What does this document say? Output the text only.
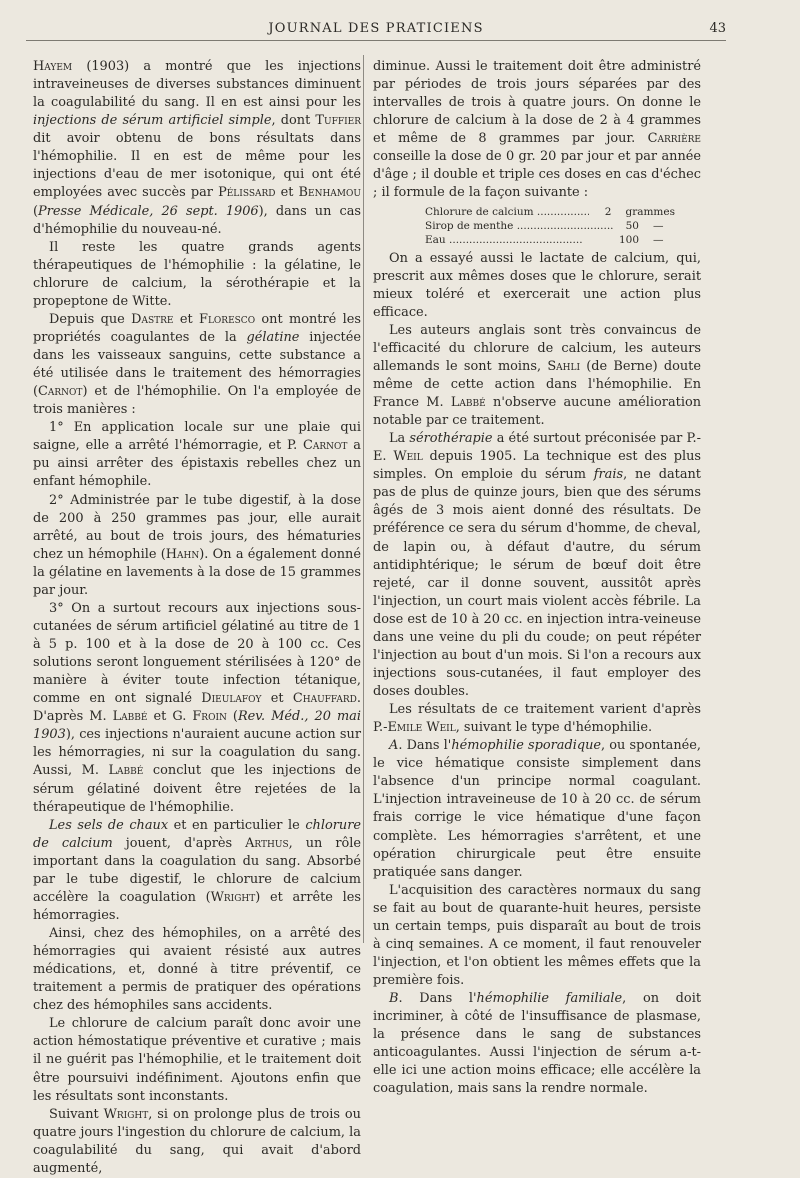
JOURNAL DES PRATICIENS	43

Hayem (1903) a montré que les injections intraveineuses de diverses substances diminuent la coagulabilité du sang. Il en est ainsi pour les injections de sérum artificiel simple, dont Tuffier dit avoir obtenu de bons résultats dans l'hémophilie. Il en est de même pour les injections d'eau de mer isotonique, qui ont été employées avec succès par Pélissard et Benhamou (Presse Médicale, 26 sept. 1906), dans un cas d'hémophilie du nouveau-né.

Il reste les quatre grands agents thérapeutiques de l'hémophilie : la gélatine, le chlorure de calcium, la sérothérapie et la propeptone de Witte.

Depuis que Dastre et Floresco ont montré les propriétés coagulantes de la gélatine injectée dans les vaisseaux sanguins, cette substance a été utilisée dans le traitement des hémorragies (Carnot) et de l'hémophilie. On l'a employée de trois manières :

1° En application locale sur une plaie qui saigne, elle a arrêté l'hémorragie, et P. Carnot a pu ainsi arrêter des épistaxis rebelles chez un enfant hémophile.

2° Administrée par le tube digestif, à la dose de 200 à 250 grammes pas jour, elle aurait arrêté, au bout de trois jours, des hématuries chez un hémophile (Hahn). On a également donné la gélatine en lavements à la dose de 15 grammes par jour.

3° On a surtout recours aux injections sous-cutanées de sérum artificiel gélatiné au titre de 1 à 5 p. 100 et à la dose de 20 à 100 cc. Ces solutions seront longuement stérilisées à 120° de manière à éviter toute infection tétanique, comme en ont signalé Dieulafoy et Chauffard. D'après M. Labbé et G. Froin (Rev. Méd., 20 mai 1903), ces injections n'auraient aucune action sur les hémorragies, ni sur la coagulation du sang. Aussi, M. Labbé conclut que les injections de sérum gélatiné doivent être rejetées de la thérapeutique de l'hémophilie.

Les sels de chaux et en particulier le chlorure de calcium jouent, d'après Arthus, un rôle important dans la coagulation du sang. Absorbé par le tube digestif, le chlorure de calcium accélère la coagulation (Wright) et arrête les hémorragies.

Ainsi, chez des hémophiles, on a arrêté des hémorragies qui avaient résisté aux autres médications, et, donné à titre préventif, ce traitement a permis de pratiquer des opérations chez des hémophiles sans accidents.

Le chlorure de calcium paraît donc avoir une action hémostatique préventive et curative ; mais il ne guérit pas l'hémophilie, et le traitement doit être poursuivi indéfiniment. Ajoutons enfin que les résultats sont inconstants.

Suivant Wright, si on prolonge plus de trois ou quatre jours l'ingestion du chlorure de calcium, la coagulabilité du sang, qui avait d'abord augmenté,

diminue. Aussi le traitement doit être administré par périodes de trois jours séparées par des intervalles de trois à quatre jours. On donne le chlorure de calcium à la dose de 2 à 4 grammes et même de 8 grammes par jour. Carrière conseille la dose de 0 gr. 20 par jour et par année d'âge ; il double et triple ces doses en cas d'échec ; il formule de la façon suivante :

Chlorure de calcium .....	2	grammes
Sirop de menthe .....	50	—
Eau .....	100	—

On a essayé aussi le lactate de calcium, qui, prescrit aux mêmes doses que le chlorure, serait mieux toléré et exercerait une action plus efficace.

Les auteurs anglais sont très convaincus de l'efficacité du chlorure de calcium, les auteurs allemands le sont moins, Sahli (de Berne) doute même de cette action dans l'hémophilie. En France M. Labbé n'observe aucune amélioration notable par ce traitement.

La sérothérapie a été surtout préconisée par P.-E. Weil depuis 1905. La technique est des plus simples. On emploie du sérum frais, ne datant pas de plus de quinze jours, bien que des sérums âgés de 3 mois aient donné des résultats. De préférence ce sera du sérum d'homme, de cheval, de lapin ou, à défaut d'autre, du sérum antidiphtérique; le sérum de bœuf doit être rejeté, car il donne souvent, aussitôt après l'injection, un court mais violent accès fébrile. La dose est de 10 à 20 cc. en injection intra-veineuse dans une veine du pli du coude; on peut répéter l'injection au bout d'un mois. Si l'on a recours aux injections sous-cutanées, il faut employer des doses doubles.

Les résultats de ce traitement varient d'après P.-Emile Weil, suivant le type d'hémophilie.

A. Dans l'hémophilie sporadique, ou spontanée, le vice hématique consiste simplement dans l'absence d'un principe normal coagulant. L'injection intraveineuse de 10 à 20 cc. de sérum frais corrige le vice hématique d'une façon complète. Les hémorragies s'arrêtent, et une opération chirurgicale peut être ensuite pratiquée sans danger.

L'acquisition des caractères normaux du sang se fait au bout de quarante-huit heures, persiste un certain temps, puis disparaît au bout de trois à cinq semaines. A ce moment, il faut renouveler l'injection, et l'on obtient les mêmes effets que la première fois.

B. Dans l'hémophilie familiale, on doit incriminer, à côté de l'insuffisance de plasmase, la présence dans le sang de substances anticoagulantes. Aussi l'injection de sérum a-t-elle ici une action moins efficace; elle accélère la coagulation, mais sans la rendre normale.
